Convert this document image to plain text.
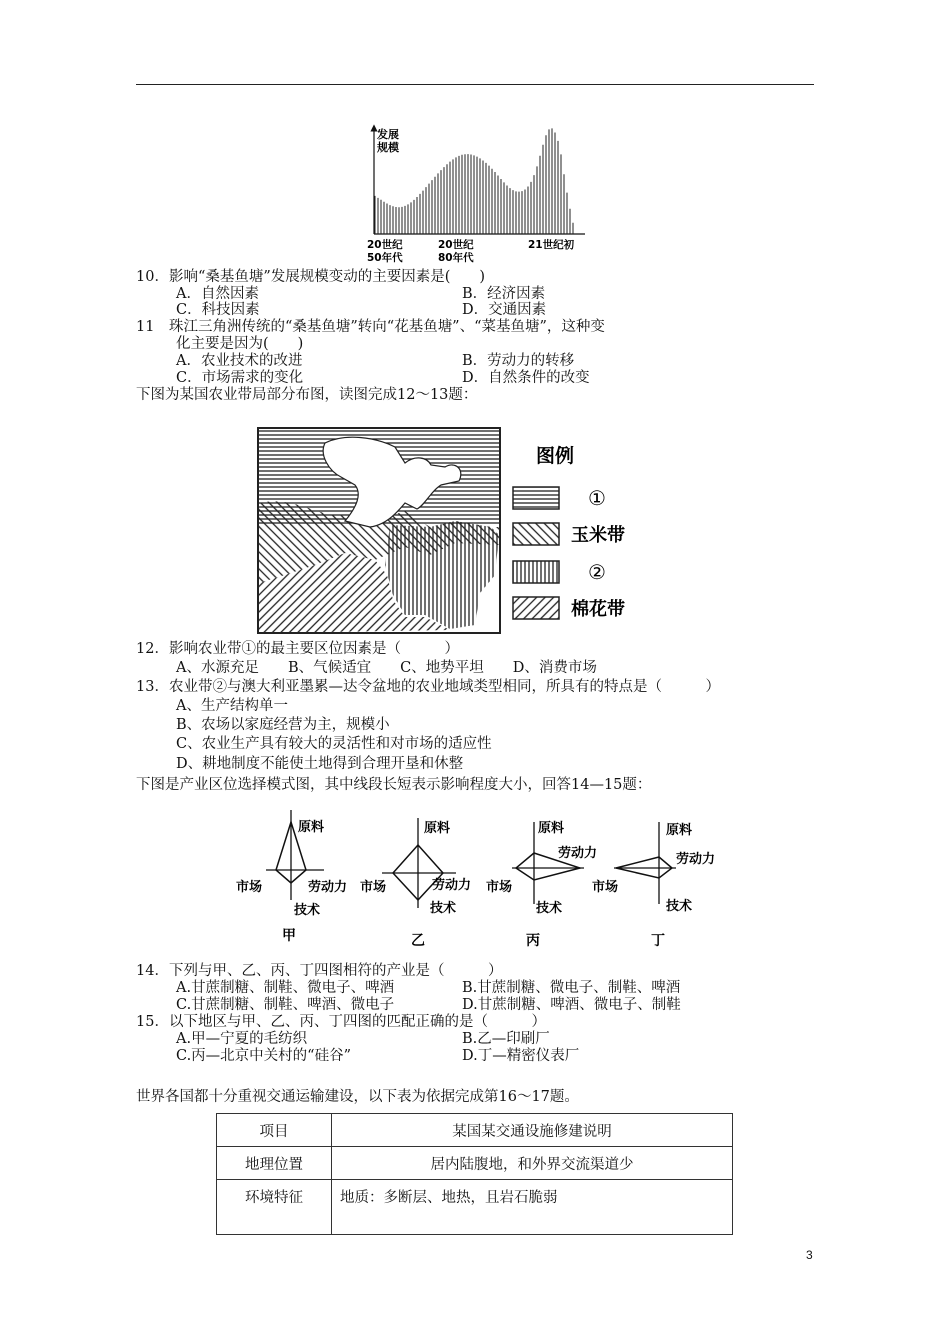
发展
规模
20世纪
50年代
20世纪
80年代
21世纪初
10．影响“桑基鱼塘”发展规模变动的主要因素是(　　)
A．自然因素	B．经济因素
C．科技因素	D．交通因素
11　珠江三角洲传统的“桑基鱼塘”转向“花基鱼塘”、“菜基鱼塘”，这种变
化主要是因为(　　)
A．农业技术的改进	B．劳动力的转移
C．市场需求的变化	D．自然条件的改变
下图为某国农业带局部分布图，读图完成12～13题：
图例
①
玉米带
②
棉花带
12．影响农业带①的最主要区位因素是（　　　）
A、水源充足　　B、气候适宜　　C、地势平坦　　D、消费市场
13．农业带②与澳大利亚墨累—达令盆地的农业地域类型相同，所具有的特点是（　　　）
A、生产结构单一
B、农场以家庭经营为主，规模小
C、农业生产具有较大的灵活性和对市场的适应性
D、耕地制度不能使土地得到合理开垦和休整
下图是产业区位选择模式图，其中线段长短表示影响程度大小，回答14—15题：
原料
劳动力
市场
技术
甲
原料
劳动力
市场
技术
乙
原料
劳动力
市场
技术
丙
原料
劳动力
市场
技术
丁
14．下列与甲、乙、丙、丁四图相符的产业是（　　　）
A.甘蔗制糖、制鞋、微电子、啤酒	B.甘蔗制糖、微电子、制鞋、啤酒
C.甘蔗制糖、制鞋、啤酒、微电子	D.甘蔗制糖、啤酒、微电子、制鞋
15．以下地区与甲、乙、丙、丁四图的匹配正确的是（　　　）
A.甲—宁夏的毛纺织	B.乙—印刷厂
C.丙—北京中关村的“硅谷”	D.丁—精密仪表厂
世界各国都十分重视交通运输建设，以下表为依据完成第16～17题。
项目	某国某交通设施修建说明
地理位置	居内陆腹地，和外界交流渠道少
环境特征	地质：多断层、地热，且岩石脆弱
3
